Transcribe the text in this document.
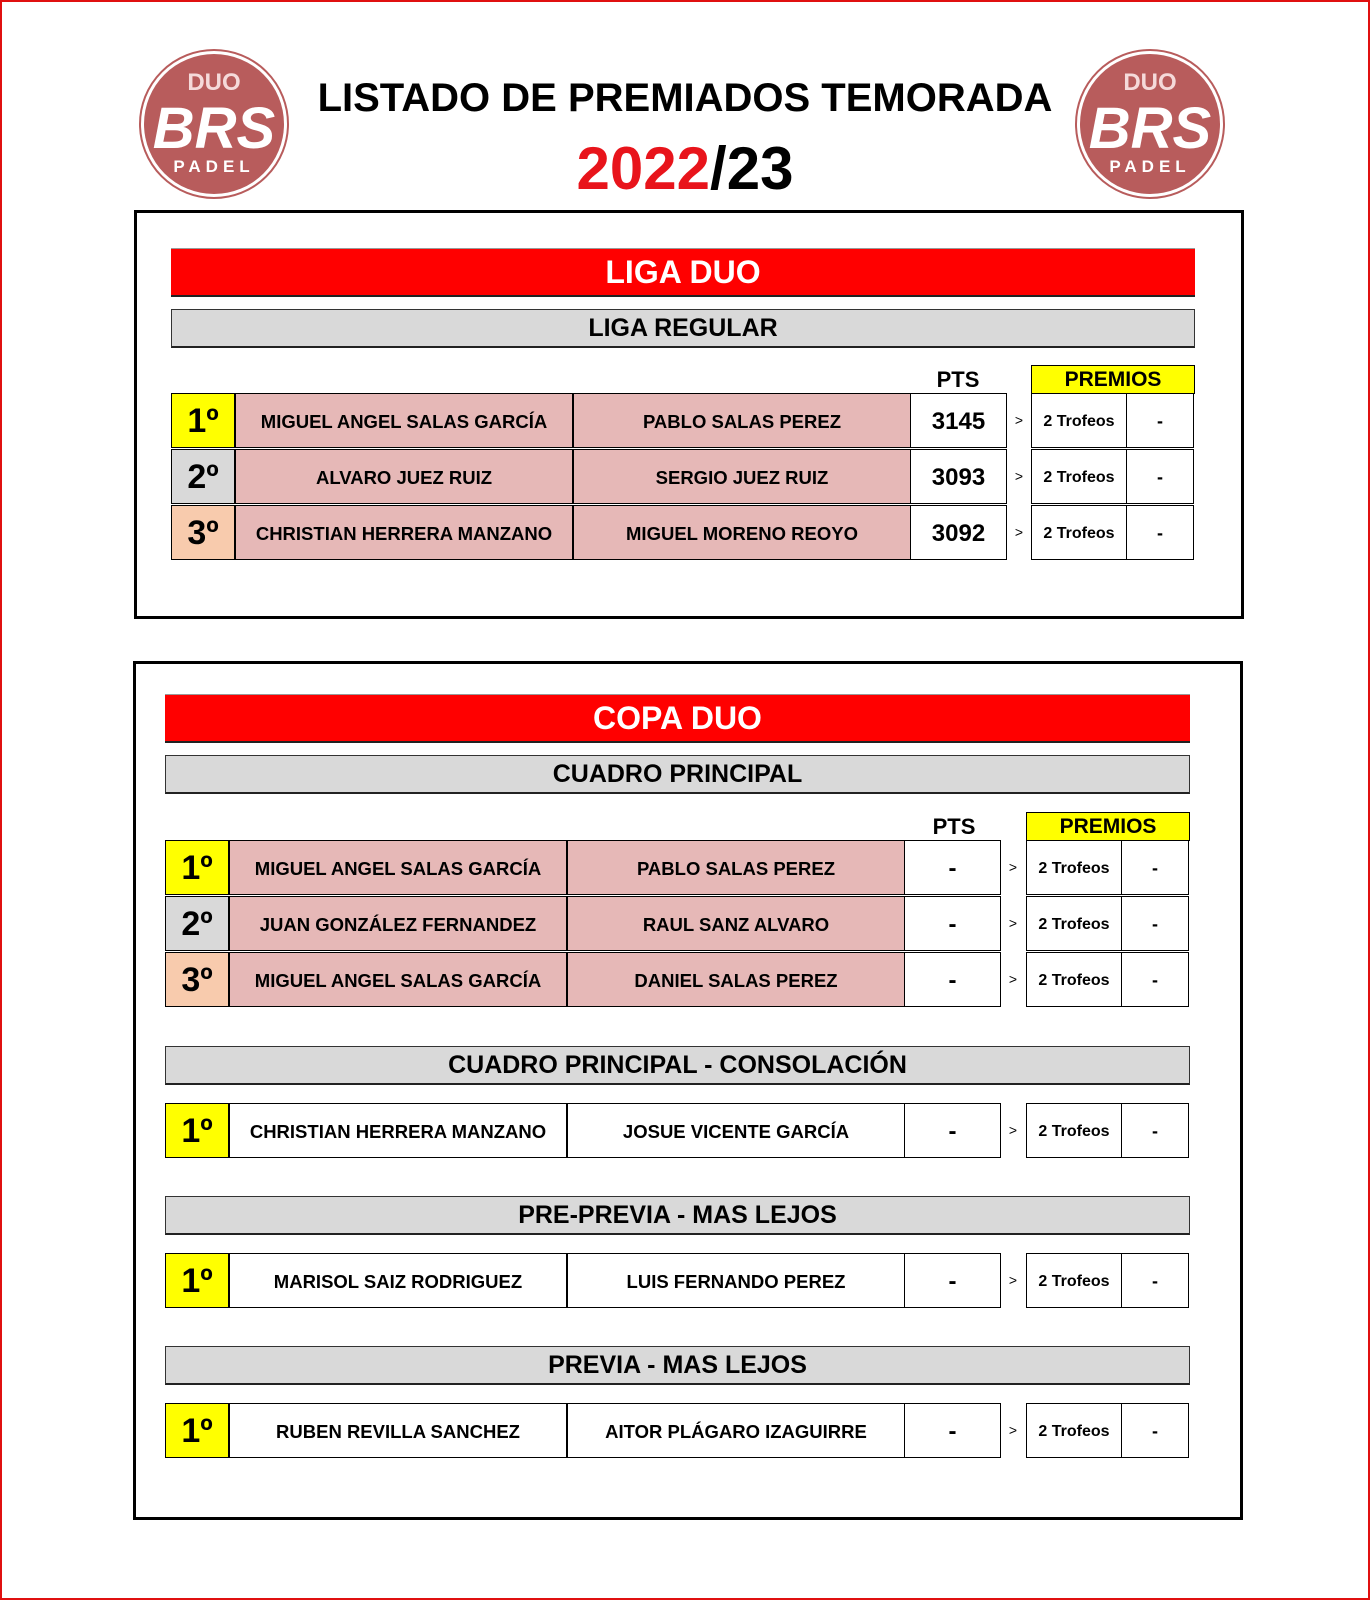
DUO
BRS
PADEL
DUO
BRS
PADEL
LISTADO DE PREMIADOS TEMORADA
2022/23
LIGA DUO
LIGA REGULAR
PTS	PREMIOS
1º	MIGUEL ANGEL SALAS GARCÍA	PABLO SALAS PEREZ	3145	>	2 Trofeos	-
2º	ALVARO JUEZ RUIZ	SERGIO JUEZ RUIZ	3093	>	2 Trofeos	-
3º	CHRISTIAN HERRERA MANZANO	MIGUEL MORENO REOYO	3092	>	2 Trofeos	-
COPA DUO
CUADRO PRINCIPAL
PTS	PREMIOS
1º	MIGUEL ANGEL SALAS GARCÍA	PABLO SALAS PEREZ	-	>	2 Trofeos	-
2º	JUAN GONZÁLEZ FERNANDEZ	RAUL SANZ ALVARO	-	>	2 Trofeos	-
3º	MIGUEL ANGEL SALAS GARCÍA	DANIEL SALAS PEREZ	-	>	2 Trofeos	-
CUADRO PRINCIPAL - CONSOLACIÓN
1º	CHRISTIAN HERRERA MANZANO	JOSUE VICENTE GARCÍA	-	>	2 Trofeos	-
PRE-PREVIA - MAS LEJOS
1º	MARISOL SAIZ RODRIGUEZ	LUIS FERNANDO PEREZ	-	>	2 Trofeos	-
PREVIA - MAS LEJOS
1º	RUBEN REVILLA SANCHEZ	AITOR PLÁGARO IZAGUIRRE	-	>	2 Trofeos	-
